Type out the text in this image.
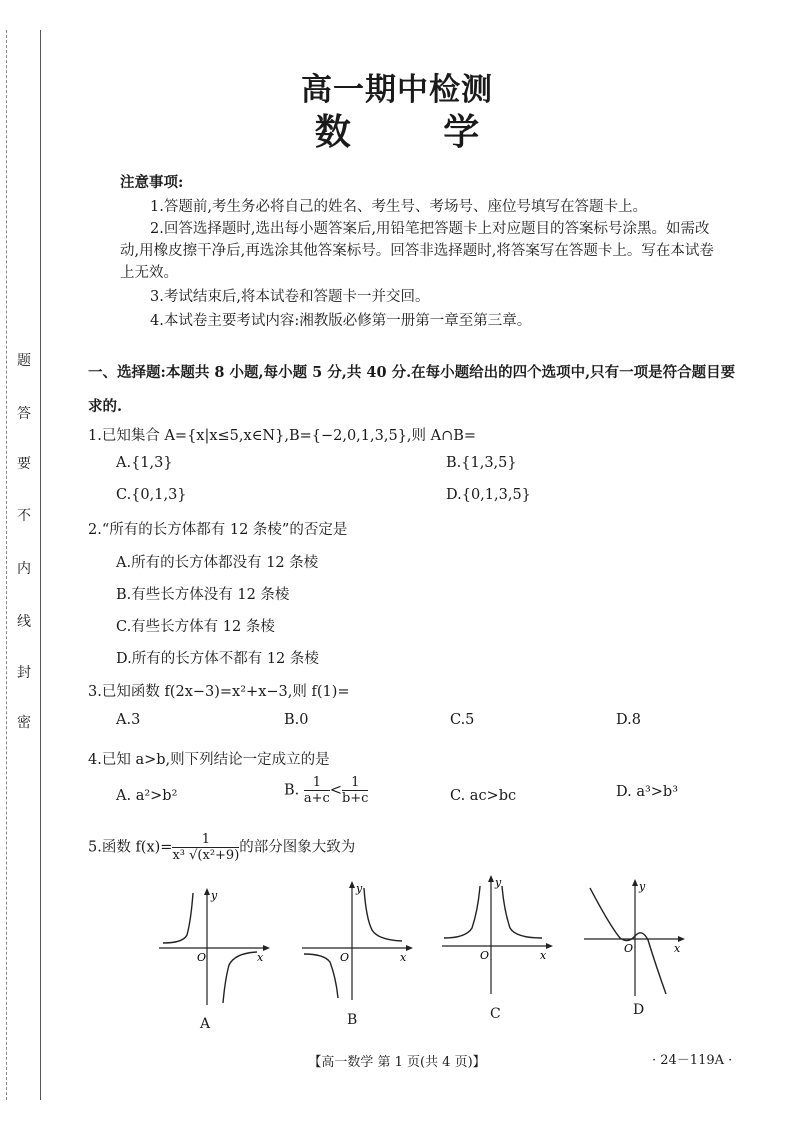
密
封
线
内
不
要
答
题
高一期中检测
数 学
注意事项:
1.答题前,考生务必将自己的姓名、考生号、考场号、座位号填写在答题卡上。
2.回答选择题时,选出每小题答案后,用铅笔把答题卡上对应题目的答案标号涂黑。如需改动,用橡皮擦干净后,再选涂其他答案标号。回答非选择题时,将答案写在答题卡上。写在本试卷上无效。
3.考试结束后,将本试卷和答题卡一并交回。
4.本试卷主要考试内容:湘教版必修第一册第一章至第三章。
一、选择题:本题共 8 小题,每小题 5 分,共 40 分.在每小题给出的四个选项中,只有一项是符合题目要求的.
1.已知集合 A={x|x≤5,x∈N},B={−2,0,1,3,5},则 A∩B=
A.{1,3}	B.{1,3,5}
C.{0,1,3}	D.{0,1,3,5}
2.“所有的长方体都有 12 条棱”的否定是
A.所有的长方体都没有 12 条棱
B.有些长方体没有 12 条棱
C.有些长方体有 12 条棱
D.所有的长方体不都有 12 条棱
3.已知函数 f(2x−3)=x²+x−3,则 f(1)=
A.3	B.0	C.5	D.8
4.已知 a>b,则下列结论一定成立的是
A. a²>b²	B. $\frac{1}{a+c} < \frac{1}{b+c}$	C. ac>bc	D. a³>b³
5.函数 $f(x)= \frac{1}{\text{x³ √(x²+9)}}$ 的部分图象大致为
y
x
O
A
y
x
O
B
y
x
O
C
y
x
O
D
【高一数学 第 1 页(共 4 页)】	· 24－119A ·
